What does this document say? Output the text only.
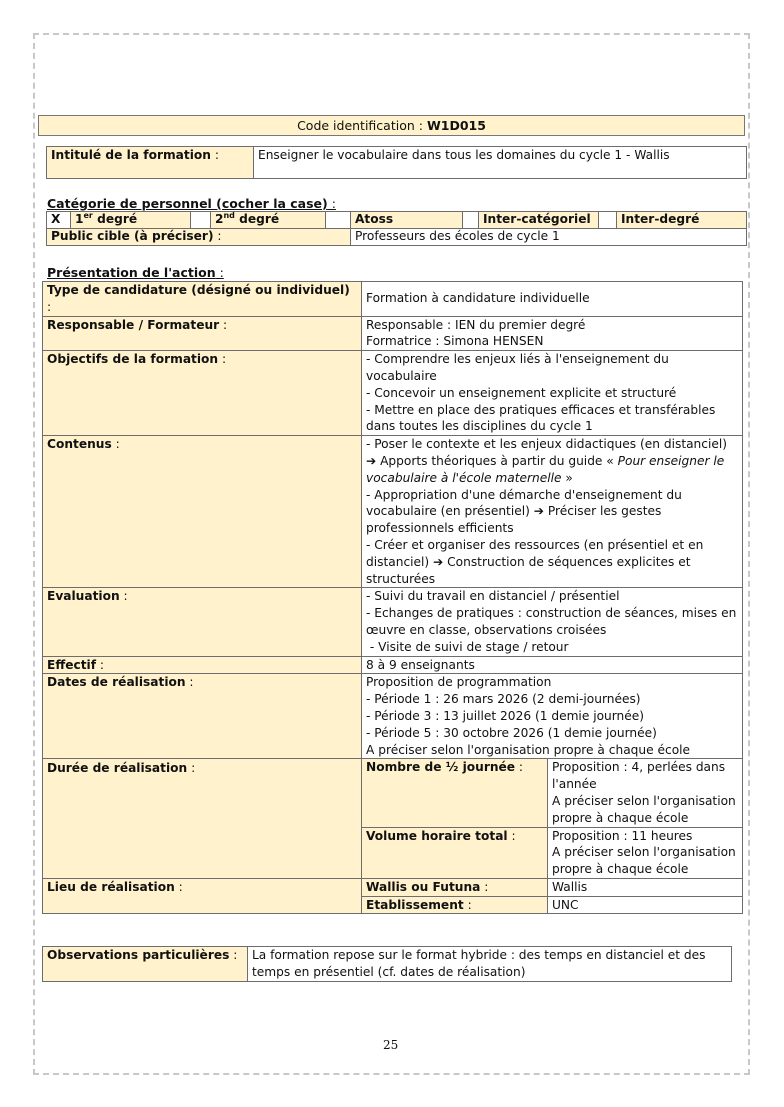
Code identification : W1D015
Intitulé de la formation :	Enseigner le vocabulaire dans tous les domaines du cycle 1 - Wallis
Catégorie de personnel (cocher la case) :
X	1er degré		2nd degré		Atoss		Inter-catégoriel		Inter-degré
Public cible (à préciser) :					Professeurs des écoles de cycle 1				
Présentation de l'action :
Type de candidature (désigné ou individuel) :	Formation à candidature individuelle	
Responsable / Formateur :	Responsable : IEN du premier degré
Formatrice : Simona HENSEN	

Objectifs de la formation :	- Comprendre les enjeux liés à l'enseignement du vocabulaire
- Concevoir un enseignement explicite et structuré
- Mettre en place des pratiques efficaces et transférables dans toutes les disciplines du cycle 1	

Contenus :	- Poser le contexte et les enjeux didactiques (en distanciel) ➔ Apports théoriques à partir du guide « Pour enseigner le vocabulaire à l'école maternelle »
- Appropriation d'une démarche d'enseignement du vocabulaire (en présentiel) ➔ Préciser les gestes professionnels efficients
- Créer et organiser des ressources (en présentiel et en distanciel) ➔ Construction de séquences explicites et structurées	

Evaluation :	- Suivi du travail en distanciel / présentiel
- Echanges de pratiques : construction de séances, mises en œuvre en classe, observations croisées
- Visite de suivi de stage / retour	

Effectif :	8 à 9 enseignants	
Dates de réalisation :	Proposition de programmation
- Période 1 : 26 mars 2026 (2 demi-journées)
- Période 3 : 13 juillet 2026 (1 demie journée)
- Période 5 : 30 octobre 2026 (1 demie journée)
A préciser selon l'organisation propre à chaque école	

Durée de réalisation :	Nombre de ½ journée :	Proposition : 4, perlées dans l'année
A préciser selon l'organisation propre à chaque école

	Volume horaire total :	Proposition : 11 heures
A préciser selon l'organisation propre à chaque école

Lieu de réalisation :	Wallis ou Futuna :	Wallis
	Etablissement :	UNC
Observations particulières :	La formation repose sur le format hybride : des temps en distanciel et des temps en présentiel (cf. dates de réalisation)
25
